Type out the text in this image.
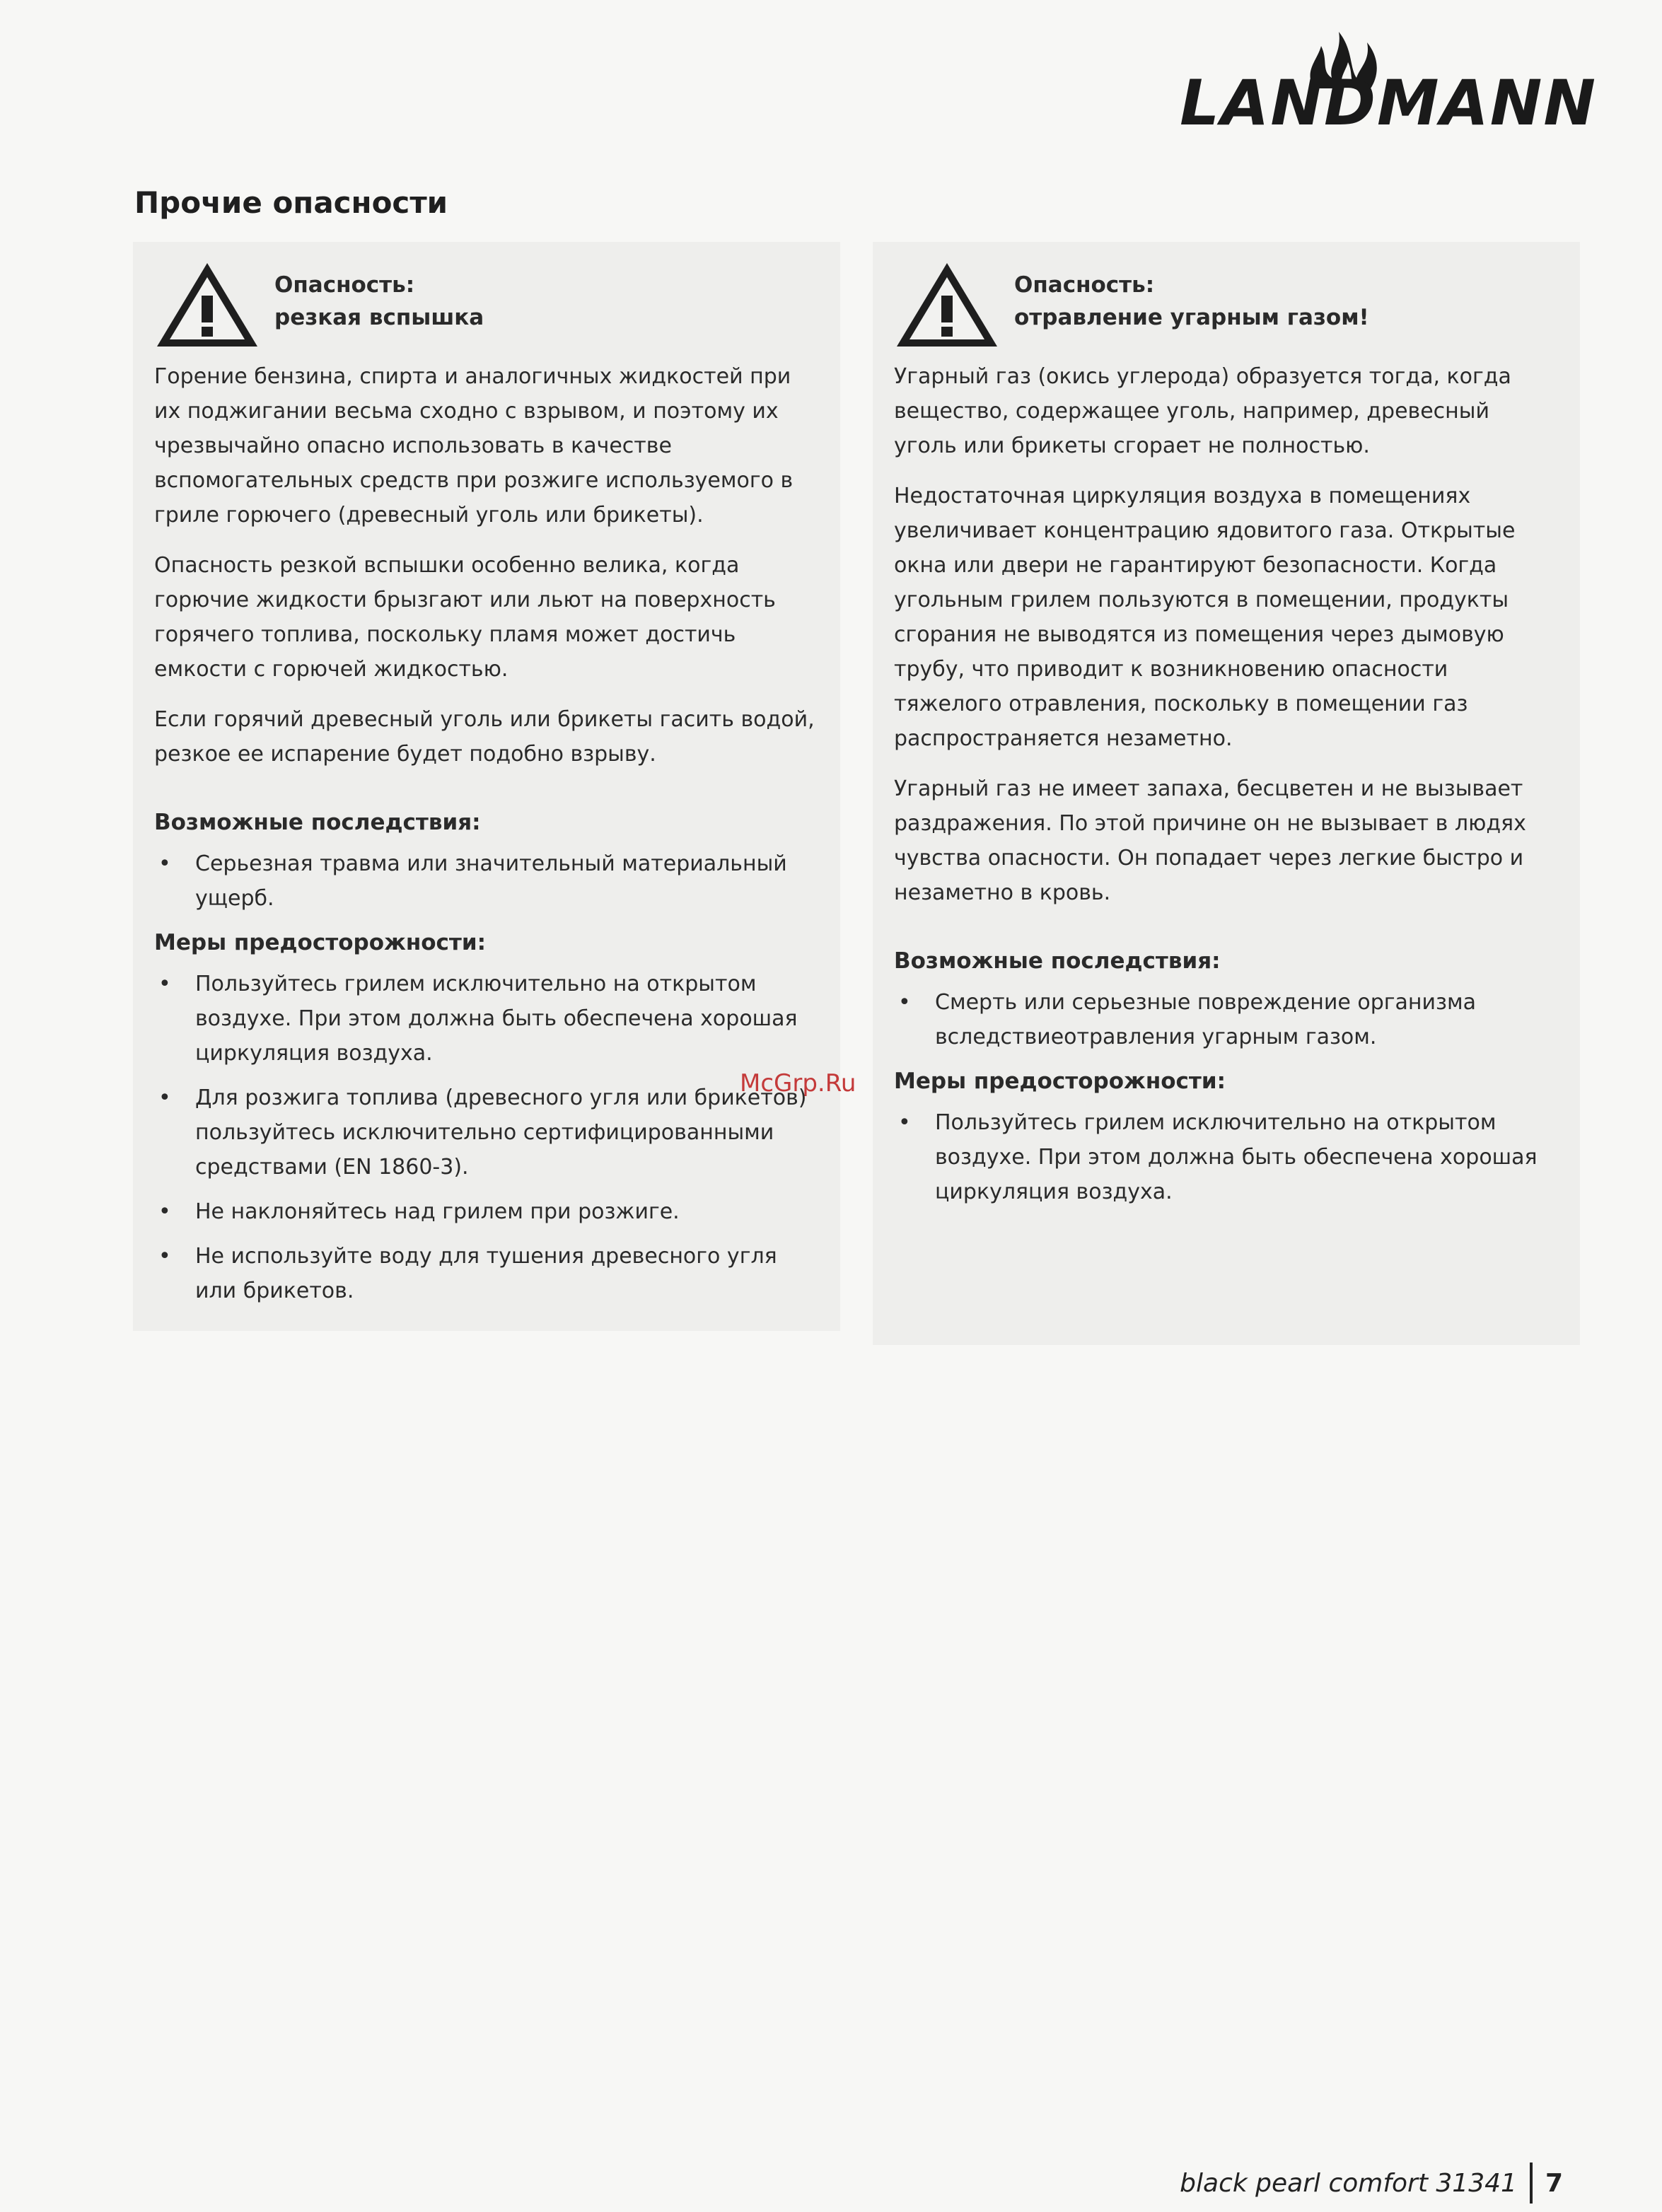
LANDMANN
Прочие опасности
Опасность:
резкая вспышка

Горение бензина, спирта и аналогичных жидкостей при их поджигании весьма сходно с взрывом, и поэтому их чрезвычайно опасно использовать в качестве вспомогательных средств при розжиге используемого в гриле горючего (древесный уголь или брикеты).

Опасность резкой вспышки особенно велика, когда горючие жидкости брызгают или льют на поверхность горячего топлива, поскольку пламя может достичь емкости с горючей жидкостью.

Если горячий древесный уголь или брикеты гасить водой, резкое ее испарение будет подобно взрыву.

Возможные последствия:
• Серьезная травма или значительный материальный ущерб.
Меры предосторожности:
• Пользуйтесь грилем исключительно на открытом воздухе. При этом должна быть обеспечена хорошая циркуляция воздуха.
• Для розжига топлива (древесного угля или брикетов) пользуйтесь исключительно сертифицированными средствами (EN 1860-3).
• Не наклоняйтесь над грилем при розжиге.
• Не используйте воду для тушения древесного угля или брикетов.
Опасность:
отравление угарным газом!

Угарный газ (окись углерода) образуется тогда, когда вещество, содержащее уголь, например, древесный уголь или брикеты сгорает не полностью.

Недостаточная циркуляция воздуха в помещениях увеличивает концентрацию ядовитого газа. Открытые окна или двери не гарантируют безопасности. Когда угольным грилем пользуются в помещении, продукты сгорания не выводятся из помещения через дымовую трубу, что приводит к возникновению опасности тяжелого отравления, поскольку в помещении газ распространяется незаметно.

Угарный газ не имеет запаха, бесцветен и не вызывает раздражения. По этой причине он не вызывает в людях чувства опасности. Он попадает через легкие быстро и незаметно в кровь.

Возможные последствия:
• Смерть или серьезные повреждение организма вследствиеотравления угарным газом.
Меры предосторожности:
• Пользуйтесь грилем исключительно на открытом воздухе. При этом должна быть обеспечена хорошая циркуляция воздуха.
McGrp.Ru
black pearl comfort 31341 7
